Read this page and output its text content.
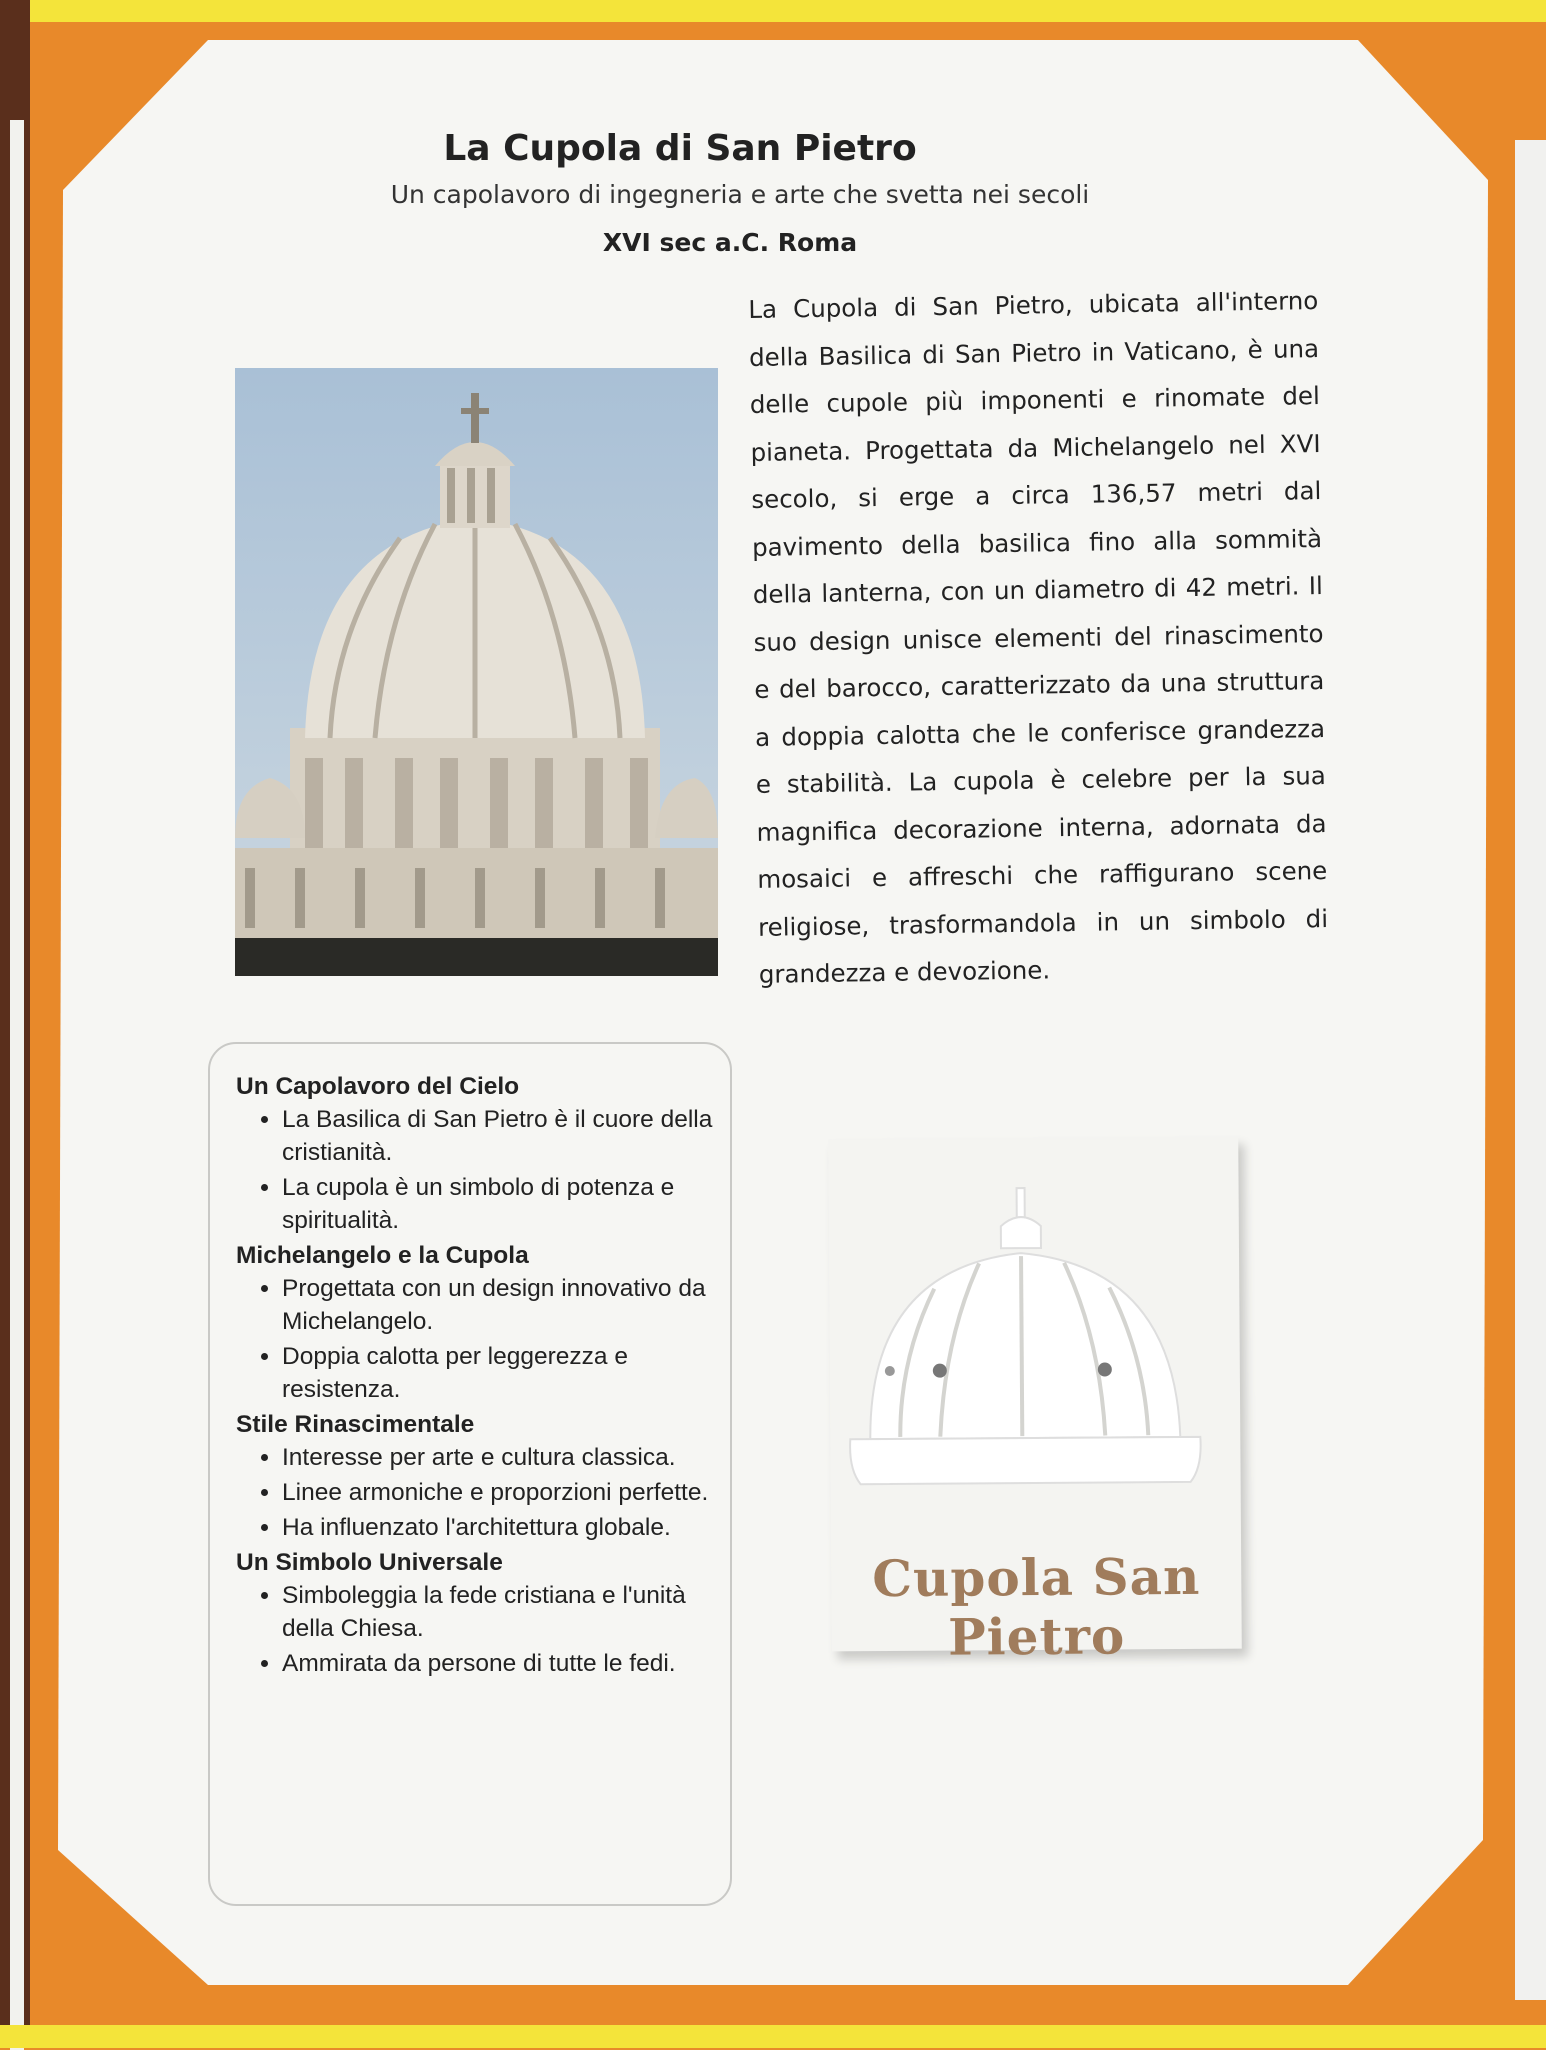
La Cupola di San Pietro
Un capolavoro di ingegneria e arte che svetta nei secoli
XVI sec a.C. Roma
La Cupola di San Pietro, ubicata all'interno della Basilica di San Pietro in Vaticano, è una delle cupole più imponenti e rinomate del pianeta. Progettata da Michelangelo nel XVI secolo, si erge a circa 136,57 metri dal pavimento della basilica fino alla sommità della lanterna, con un diametro di 42 metri. Il suo design unisce elementi del rinascimento e del barocco, caratterizzato da una struttura a doppia calotta che le conferisce grandezza e stabilità. La cupola è celebre per la sua magnifica decorazione interna, adornata da mosaici e affreschi che raffigurano scene religiose, trasformandola in un simbolo di grandezza e devozione.
Un Capolavoro del Cielo
• La Basilica di San Pietro è il cuore della cristianità.
• La cupola è un simbolo di potenza e spiritualità.
Michelangelo e la Cupola
• Progettata con un design innovativo da Michelangelo.
• Doppia calotta per leggerezza e resistenza.
Stile Rinascimentale
• Interesse per arte e cultura classica.
• Linee armoniche e proporzioni perfette.
• Ha influenzato l'architettura globale.
Un Simbolo Universale
• Simboleggia la fede cristiana e l'unità della Chiesa.
• Ammirata da persone di tutte le fedi.
Cupola San Pietro
